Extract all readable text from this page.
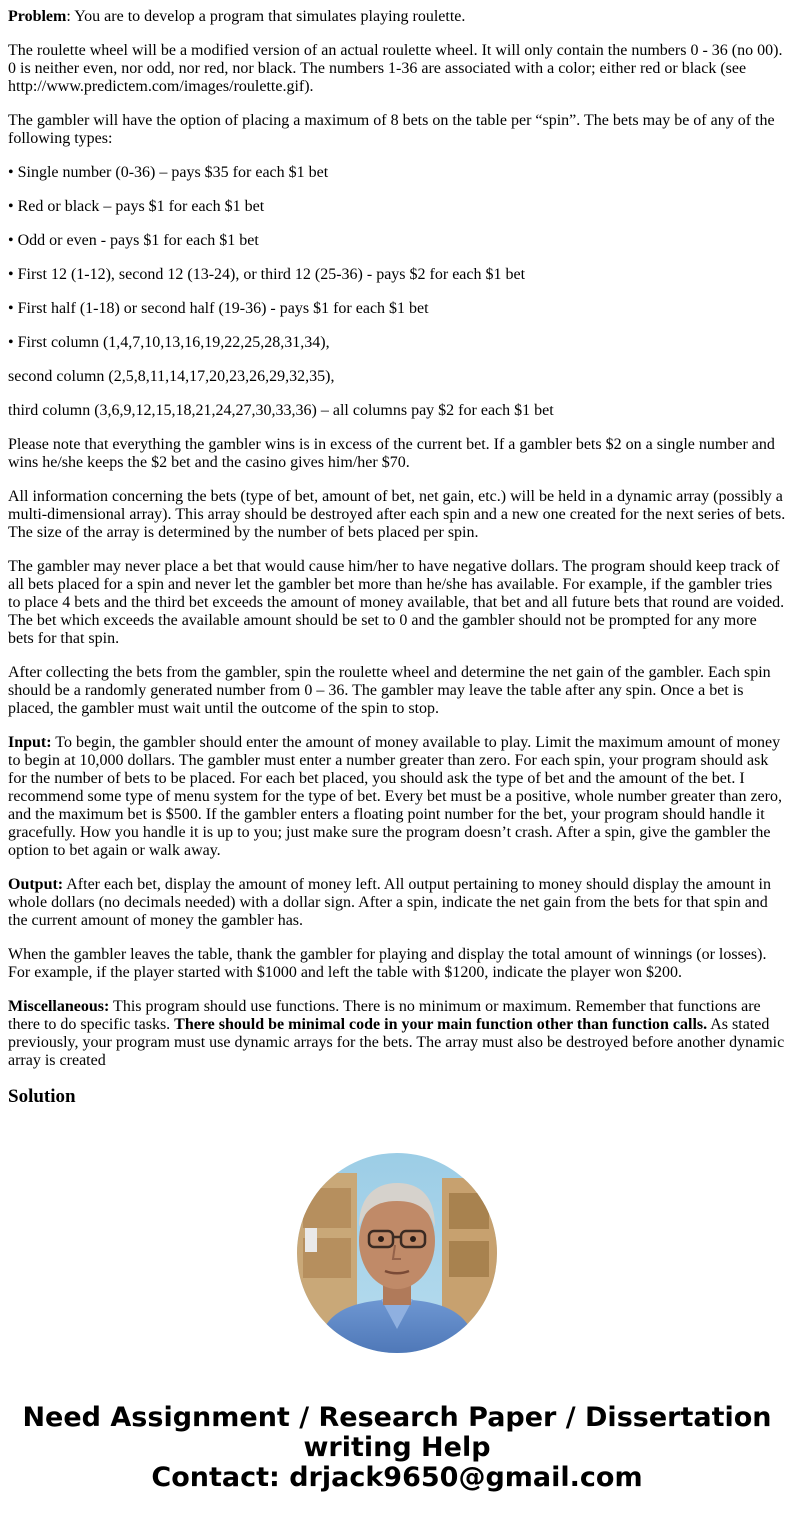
Problem: You are to develop a program that simulates playing roulette.

The roulette wheel will be a modified version of an actual roulette wheel. It will only contain the numbers 0 - 36 (no 00). 0 is neither even, nor odd, nor red, nor black. The numbers 1-36 are associated with a color; either red or black (see http://www.predictem.com/images/roulette.gif).

The gambler will have the option of placing a maximum of 8 bets on the table per “spin”. The bets may be of any of the following types:

• Single number (0-36) – pays $35 for each $1 bet

• Red or black – pays $1 for each $1 bet

• Odd or even - pays $1 for each $1 bet

• First 12 (1-12), second 12 (13-24), or third 12 (25-36) - pays $2 for each $1 bet

• First half (1-18) or second half (19-36) - pays $1 for each $1 bet

• First column (1,4,7,10,13,16,19,22,25,28,31,34),

second column (2,5,8,11,14,17,20,23,26,29,32,35),

third column (3,6,9,12,15,18,21,24,27,30,33,36) – all columns pay $2 for each $1 bet

Please note that everything the gambler wins is in excess of the current bet. If a gambler bets $2 on a single number and wins he/she keeps the $2 bet and the casino gives him/her $70.

All information concerning the bets (type of bet, amount of bet, net gain, etc.) will be held in a dynamic array (possibly a multi-dimensional array). This array should be destroyed after each spin and a new one created for the next series of bets. The size of the array is determined by the number of bets placed per spin.

The gambler may never place a bet that would cause him/her to have negative dollars. The program should keep track of all bets placed for a spin and never let the gambler bet more than he/she has available. For example, if the gambler tries to place 4 bets and the third bet exceeds the amount of money available, that bet and all future bets that round are voided. The bet which exceeds the available amount should be set to 0 and the gambler should not be prompted for any more bets for that spin.

After collecting the bets from the gambler, spin the roulette wheel and determine the net gain of the gambler. Each spin should be a randomly generated number from 0 – 36. The gambler may leave the table after any spin. Once a bet is placed, the gambler must wait until the outcome of the spin to stop.

Input: To begin, the gambler should enter the amount of money available to play. Limit the maximum amount of money to begin at 10,000 dollars. The gambler must enter a number greater than zero. For each spin, your program should ask for the number of bets to be placed. For each bet placed, you should ask the type of bet and the amount of the bet. I recommend some type of menu system for the type of bet. Every bet must be a positive, whole number greater than zero, and the maximum bet is $500. If the gambler enters a floating point number for the bet, your program should handle it gracefully. How you handle it is up to you; just make sure the program doesn’t crash. After a spin, give the gambler the option to bet again or walk away.

Output: After each bet, display the amount of money left. All output pertaining to money should display the amount in whole dollars (no decimals needed) with a dollar sign. After a spin, indicate the net gain from the bets for that spin and the current amount of money the gambler has.

When the gambler leaves the table, thank the gambler for playing and display the total amount of winnings (or losses). For example, if the player started with $1000 and left the table with $1200, indicate the player won $200.

Miscellaneous: This program should use functions. There is no minimum or maximum. Remember that functions are there to do specific tasks. There should be minimal code in your main function other than function calls. As stated previously, your program must use dynamic arrays for the bets. The array must also be destroyed before another dynamic array is created

Solution
Need Assignment / Research Paper / Dissertation
writing Help
Contact: drjack9650@gmail.com
